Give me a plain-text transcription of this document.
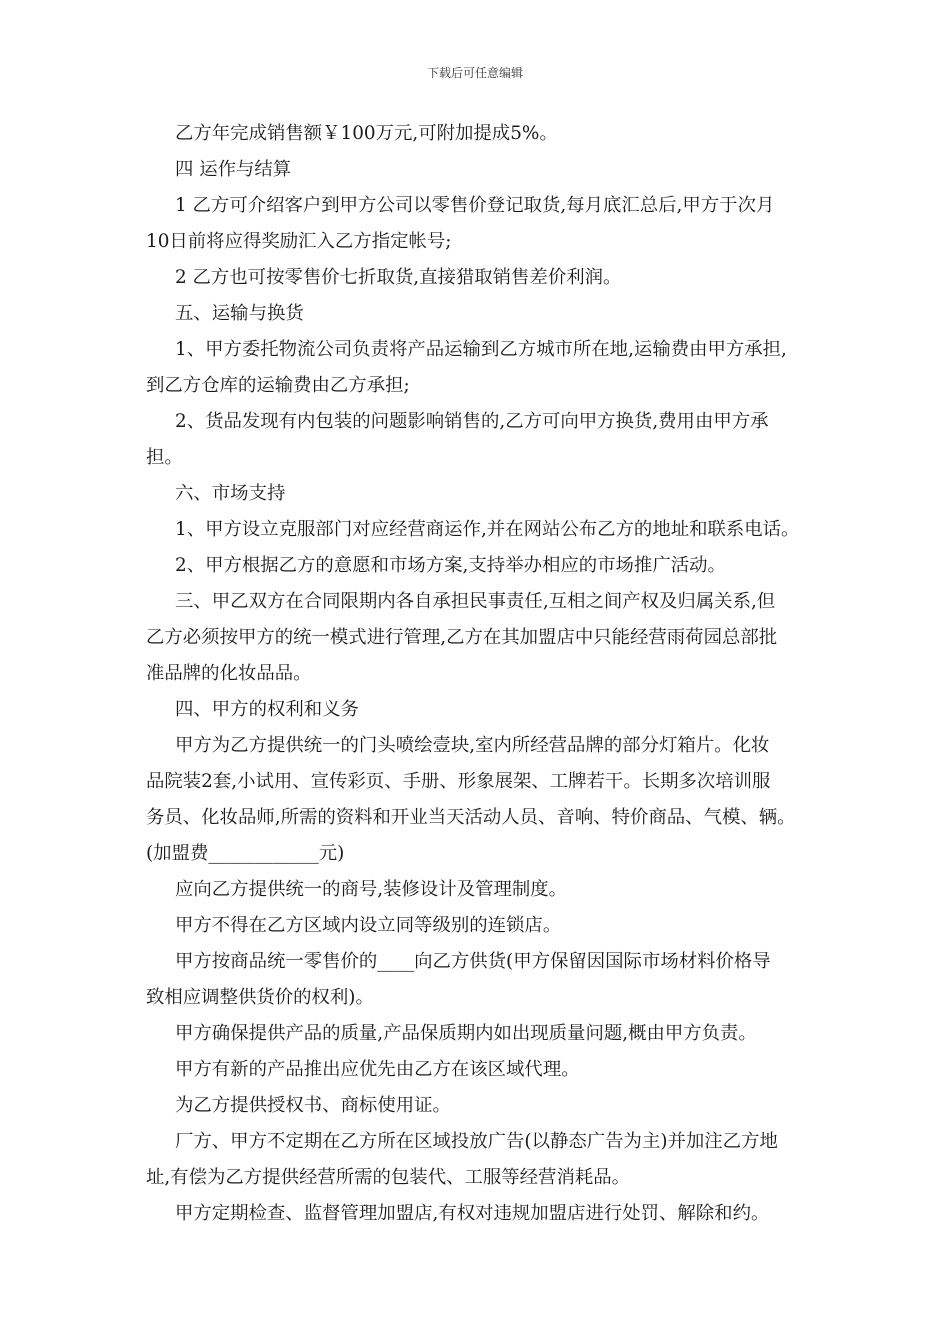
下载后可任意编辑

乙方年完成销售额￥100万元,可附加提成5%。

四 运作与结算

1 乙方可介绍客户到甲方公司以零售价登记取货,每月底汇总后,甲方于次月

10日前将应得奖励汇入乙方指定帐号;

2 乙方也可按零售价七折取货,直接猎取销售差价利润。

五、运输与换货

1、甲方委托物流公司负责将产品运输到乙方城市所在地,运输费由甲方承担,

到乙方仓库的运输费由乙方承担;

2、货品发现有内包装的问题影响销售的,乙方可向甲方换货,费用由甲方承

担。

六、市场支持

1、甲方设立克服部门对应经营商运作,并在网站公布乙方的地址和联系电话。

2、甲方根据乙方的意愿和市场方案,支持举办相应的市场推广活动。

三、甲乙双方在合同限期内各自承担民事责任,互相之间产权及归属关系,但

乙方必须按甲方的统一模式进行管理,乙方在其加盟店中只能经营雨荷园总部批

准品牌的化妆品品。

四、甲方的权利和义务

甲方为乙方提供统一的门头喷绘壹块,室内所经营品牌的部分灯箱片。化妆

品院装2套,小试用、宣传彩页、手册、形象展架、工牌若干。长期多次培训服

务员、化妆品师,所需的资料和开业当天活动人员、音响、特价商品、气模、辆。

(加盟费____________元)

应向乙方提供统一的商号,装修设计及管理制度。

甲方不得在乙方区域内设立同等级别的连锁店。

甲方按商品统一零售价的____向乙方供货(甲方保留因国际市场材料价格导

致相应调整供货价的权利)。

甲方确保提供产品的质量,产品保质期内如出现质量问题,概由甲方负责。

甲方有新的产品推出应优先由乙方在该区域代理。

为乙方提供授权书、商标使用证。

厂方、甲方不定期在乙方所在区域投放广告(以静态广告为主)并加注乙方地

址,有偿为乙方提供经营所需的包装代、工服等经营消耗品。

甲方定期检查、监督管理加盟店,有权对违规加盟店进行处罚、解除和约。
